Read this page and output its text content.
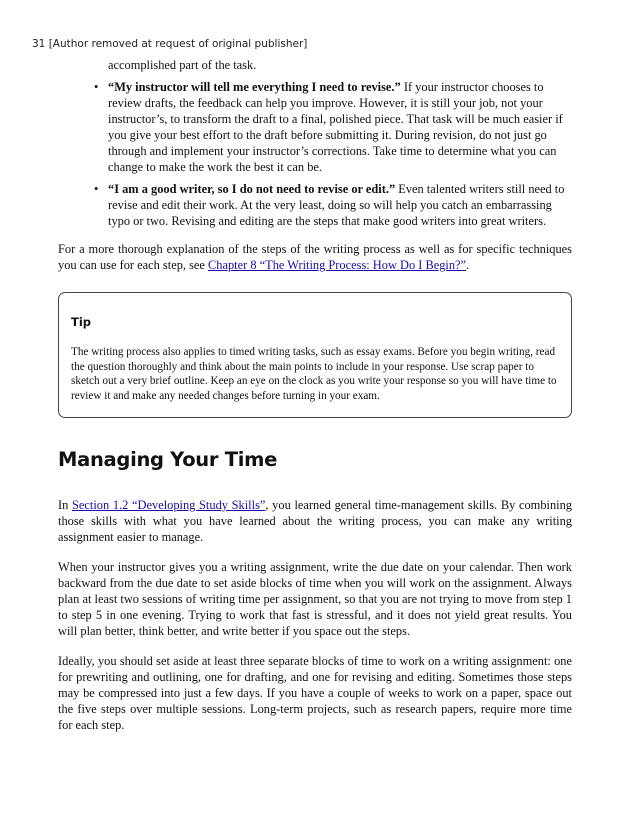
31 [Author removed at request of original publisher]

accomplished part of the task.

• “My instructor will tell me everything I need to revise.” If your instructor chooses to review drafts, the feedback can help you improve. However, it is still your job, not your instructor’s, to transform the draft to a final, polished piece. That task will be much easier if you give your best effort to the draft before submitting it. During revision, do not just go through and implement your instructor’s corrections. Take time to determine what you can change to make the work the best it can be.
• “I am a good writer, so I do not need to revise or edit.” Even talented writers still need to revise and edit their work. At the very least, doing so will help you catch an embarrassing typo or two. Revising and editing are the steps that make good writers into great writers.

For a more thorough explanation of the steps of the writing process as well as for specific techniques you can use for each step, see Chapter 8 “The Writing Process: How Do I Begin?”.

Tip

The writing process also applies to timed writing tasks, such as essay exams. Before you begin writing, read the question thoroughly and think about the main points to include in your response. Use scrap paper to sketch out a very brief outline. Keep an eye on the clock as you write your response so you will have time to review it and make any needed changes before turning in your exam.

Managing Your Time

In Section 1.2 “Developing Study Skills”, you learned general time-management skills. By combining those skills with what you have learned about the writing process, you can make any writing assignment easier to manage.

When your instructor gives you a writing assignment, write the due date on your calendar. Then work backward from the due date to set aside blocks of time when you will work on the assignment. Always plan at least two sessions of writing time per assignment, so that you are not trying to move from step 1 to step 5 in one evening. Trying to work that fast is stressful, and it does not yield great results. You will plan better, think better, and write better if you space out the steps.

Ideally, you should set aside at least three separate blocks of time to work on a writing assignment: one for prewriting and outlining, one for drafting, and one for revising and editing. Sometimes those steps may be compressed into just a few days. If you have a couple of weeks to work on a paper, space out the five steps over multiple sessions. Long-term projects, such as research papers, require more time for each step.
